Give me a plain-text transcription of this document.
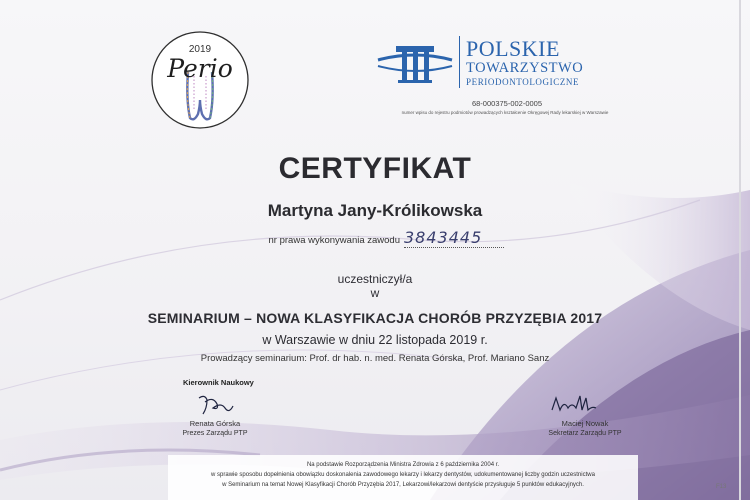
2019
Perio
POLSKIE
TOWARZYSTWO
PERIODONTOLOGICZNE
68-000375-002-0005
numer wpisu do rejestru podmiotów prowadzących kształcenie Okręgowej Rady lekarskiej w Warszawie
CERTYFIKAT
Martyna Jany-Królikowska
nr prawa wykonywania zawodu 3843445
uczestniczył/a
w
SEMINARIUM – NOWA KLASYFIKACJA CHORÓB PRZYZĘBIA 2017
w Warszawie w dniu 22 listopada 2019 r.
Prowadzący seminarium: Prof. dr hab. n. med. Renata Górska, Prof. Mariano Sanz
Kierownik Naukowy
Renata Górska
Prezes Zarządu PTP
Maciej Nowak
Sekretarz Zarządu PTP
Na podstawie Rozporządzenia Ministra Zdrowia z 6 października 2004 r.
w sprawie sposobu dopełnienia obowiązku doskonalenia zawodowego lekarzy i lekarzy dentystów, udokumentowanej liczby godzin uczestnictwa
w Seminarium na temat Nowej Klasyfikacji Chorób Przyzębia 2017, Lekarzowi/lekarzowi dentyście przysługuje 5 punktów edukacyjnych.	F13
